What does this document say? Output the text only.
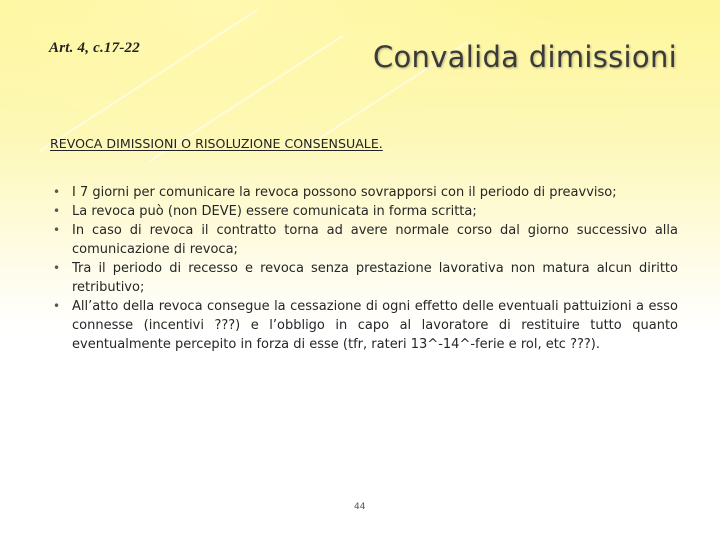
Art. 4, c.17-22	Convalida dimissioni
REVOCA DIMISSIONI O RISOLUZIONE CONSENSUALE.
• I 7 giorni per comunicare la revoca possono sovrapporsi con il periodo di preavviso;
• La revoca può (non DEVE) essere comunicata in forma scritta;
• In caso di revoca il contratto torna ad avere normale corso dal giorno successivo alla comunicazione di revoca;
• Tra il periodo di recesso e revoca senza prestazione lavorativa non matura alcun diritto retributivo;
• All’atto della revoca consegue la cessazione di ogni effetto delle eventuali pattuizioni a esso connesse (incentivi ???) e l’obbligo in capo al lavoratore di restituire tutto quanto eventualmente percepito in forza di esse (tfr, rateri 13^-14^-ferie e rol, etc ???).
44
